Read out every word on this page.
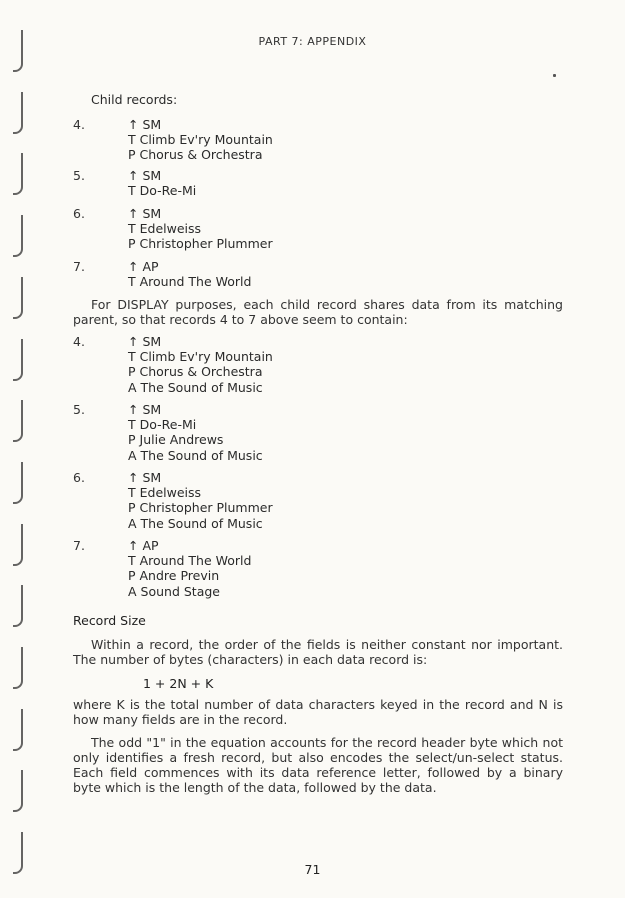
PART 7: APPENDIX
Child records:
4.	↑ SM
T Climb Ev'ry Mountain
P Chorus & Orchestra
5.	↑ SM
T Do-Re-Mi
6.	↑ SM
T Edelweiss
P Christopher Plummer
7.	↑ AP
T Around The World
For DISPLAY purposes, each child record shares data from its matching parent, so that records 4 to 7 above seem to contain:
4.	↑ SM
T Climb Ev'ry Mountain
P Chorus & Orchestra
A The Sound of Music
5.	↑ SM
T Do-Re-Mi
P Julie Andrews
A The Sound of Music
6.	↑ SM
T Edelweiss
P Christopher Plummer
A The Sound of Music
7.	↑ AP
T Around The World
P Andre Previn
A Sound Stage
Record Size
Within a record, the order of the fields is neither constant nor important. The number of bytes (characters) in each data record is:
1 + 2N + K
where K is the total number of data characters keyed in the record and N is how many fields are in the record.
The odd "1" in the equation accounts for the record header byte which not only identifies a fresh record, but also encodes the select/un-select status. Each field commences with its data reference letter, followed by a binary byte which is the length of the data, followed by the data.
71
